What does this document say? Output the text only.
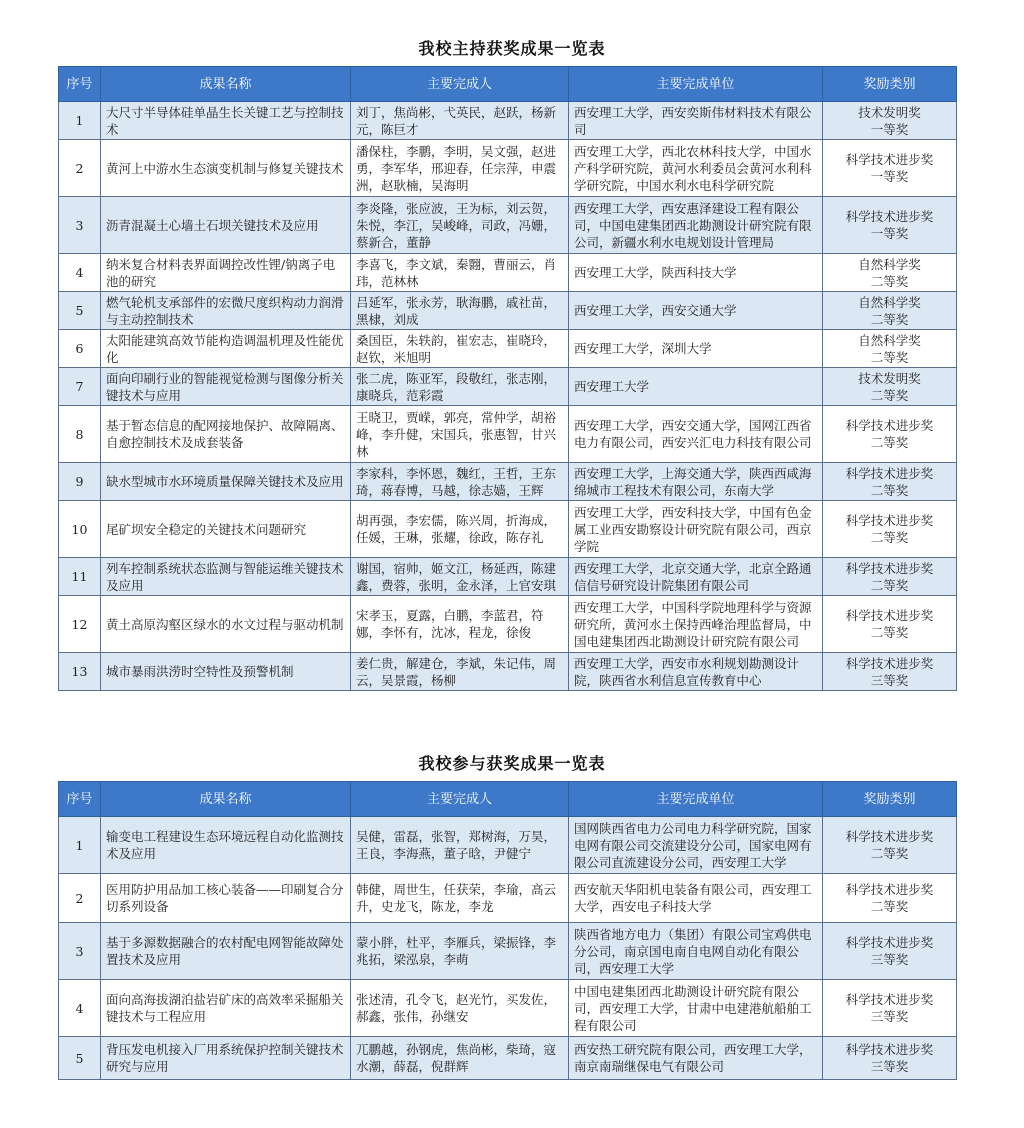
我校主持获奖成果一览表
序号	成果名称	主要完成人	主要完成单位	奖励类别
1	大尺寸半导体硅单晶生长关键工艺与控制技术	刘丁，焦尚彬，弋英民，赵跃，杨新元，陈巨才	西安理工大学，西安奕斯伟材料技术有限公司	技术发明奖
一等奖

2	黄河上中游水生态演变机制与修复关键技术	潘保柱，李鹏，李明，吴文强，赵进勇，李军华，邢迎春，任宗萍，申震洲，赵耿楠，吴海明	西安理工大学，西北农林科技大学，中国水产科学研究院，黄河水利委员会黄河水利科学研究院，中国水利水电科学研究院	科学技术进步奖
一等奖

3	沥青混凝土心墙土石坝关键技术及应用	李炎隆，张应波，王为标，刘云贺，朱悦，李江，吴峻峰，司政，冯姗，蔡新合，董静	西安理工大学，西安惠泽建设工程有限公司，中国电建集团西北勘测设计研究院有限公司，新疆水利水电规划设计管理局	科学技术进步奖
一等奖

4	纳米复合材料表界面调控改性锂/钠离子电池的研究	李喜飞，李文斌，秦翾，曹丽云，肖玮，范林林	西安理工大学，陕西科技大学	自然科学奖
二等奖

5	燃气轮机支承部件的宏微尺度织构动力润滑与主动控制技术	吕延军，张永芳，耿海鹏，戚社苗，黑棣，刘成	西安理工大学，西安交通大学	自然科学奖
二等奖

6	太阳能建筑高效节能构造调温机理及性能优化	桑国臣，朱轶韵，崔宏志，崔晓玲，赵钦，米旭明	西安理工大学，深圳大学	自然科学奖
二等奖

7	面向印刷行业的智能视觉检测与图像分析关键技术与应用	张二虎，陈亚军，段敬红，张志刚，康晓兵，范彩霞	西安理工大学	技术发明奖
二等奖

8	基于暂态信息的配网接地保护、故障隔离、自愈控制技术及成套装备	王晓卫，贾嵘，郭亮，常仲学，胡裕峰，李升健，宋国兵，张惠智，甘兴林	西安理工大学，西安交通大学，国网江西省电力有限公司，西安兴汇电力科技有限公司	科学技术进步奖
二等奖

9	缺水型城市水环境质量保障关键技术及应用	李家科，李怀恩，魏红，王哲，王东琦，蒋春博，马越，徐志嫱，王辉	西安理工大学，上海交通大学，陕西西咸海绵城市工程技术有限公司，东南大学	科学技术进步奖
二等奖

10	尾矿坝安全稳定的关键技术问题研究	胡再强，李宏儒，陈兴周，折海成，任媛，王琳，张耀，徐政，陈存礼	西安理工大学，西安科技大学，中国有色金属工业西安勘察设计研究院有限公司，西京学院	科学技术进步奖
二等奖

11	列车控制系统状态监测与智能运维关键技术及应用	谢国，宿帅，姬文江，杨延西，陈建鑫，费蓉，张明，金永泽，上官安琪	西安理工大学，北京交通大学，北京全路通信信号研究设计院集团有限公司	科学技术进步奖
二等奖

12	黄土高原沟壑区绿水的水文过程与驱动机制	宋孝玉，夏露，白鹏，李蓝君，符娜，李怀有，沈冰，程龙，徐俊	西安理工大学，中国科学院地理科学与资源研究所，黄河水土保持西峰治理监督局，中国电建集团西北勘测设计研究院有限公司	科学技术进步奖
二等奖

13	城市暴雨洪涝时空特性及预警机制	姜仁贵，解建仓，李斌，朱记伟，周云，吴景霞，杨柳	西安理工大学，西安市水利规划勘测设计院，陕西省水利信息宣传教育中心	科学技术进步奖
三等奖
我校参与获奖成果一览表
序号	成果名称	主要完成人	主要完成单位	奖励类别
1	输变电工程建设生态环境远程自动化监测技术及应用	吴健，雷磊，张智，郑树海，万昊，王良，李海燕，董子晗，尹健宁	国网陕西省电力公司电力科学研究院，国家电网有限公司交流建设分公司，国家电网有限公司直流建设分公司，西安理工大学	科学技术进步奖
二等奖

2	医用防护用品加工核心装备——印刷复合分切系列设备	韩健，周世生，任获荣，李瑜，高云升，史龙飞，陈龙，李龙	西安航天华阳机电装备有限公司，西安理工大学，西安电子科技大学	科学技术进步奖
二等奖

3	基于多源数据融合的农村配电网智能故障处置技术及应用	蒙小胖，杜平，李雁兵，梁振锋，李兆拓，梁泓泉，李萌	陕西省地方电力（集团）有限公司宝鸡供电分公司，南京国电南自电网自动化有限公司，西安理工大学	科学技术进步奖
三等奖

4	面向高海拔湖泊盐岩矿床的高效率采掘船关键技术与工程应用	张述清，孔令飞，赵光竹，买发佐，郝鑫，张伟，孙继安	中国电建集团西北勘测设计研究院有限公司，西安理工大学，甘肃中电建港航船舶工程有限公司	科学技术进步奖
三等奖

5	背压发电机接入厂用系统保护控制关键技术研究与应用	兀鹏越，孙钢虎，焦尚彬，柴琦，寇水潮，薛磊，倪群辉	西安热工研究院有限公司，西安理工大学，南京南瑞继保电气有限公司	科学技术进步奖
三等奖
